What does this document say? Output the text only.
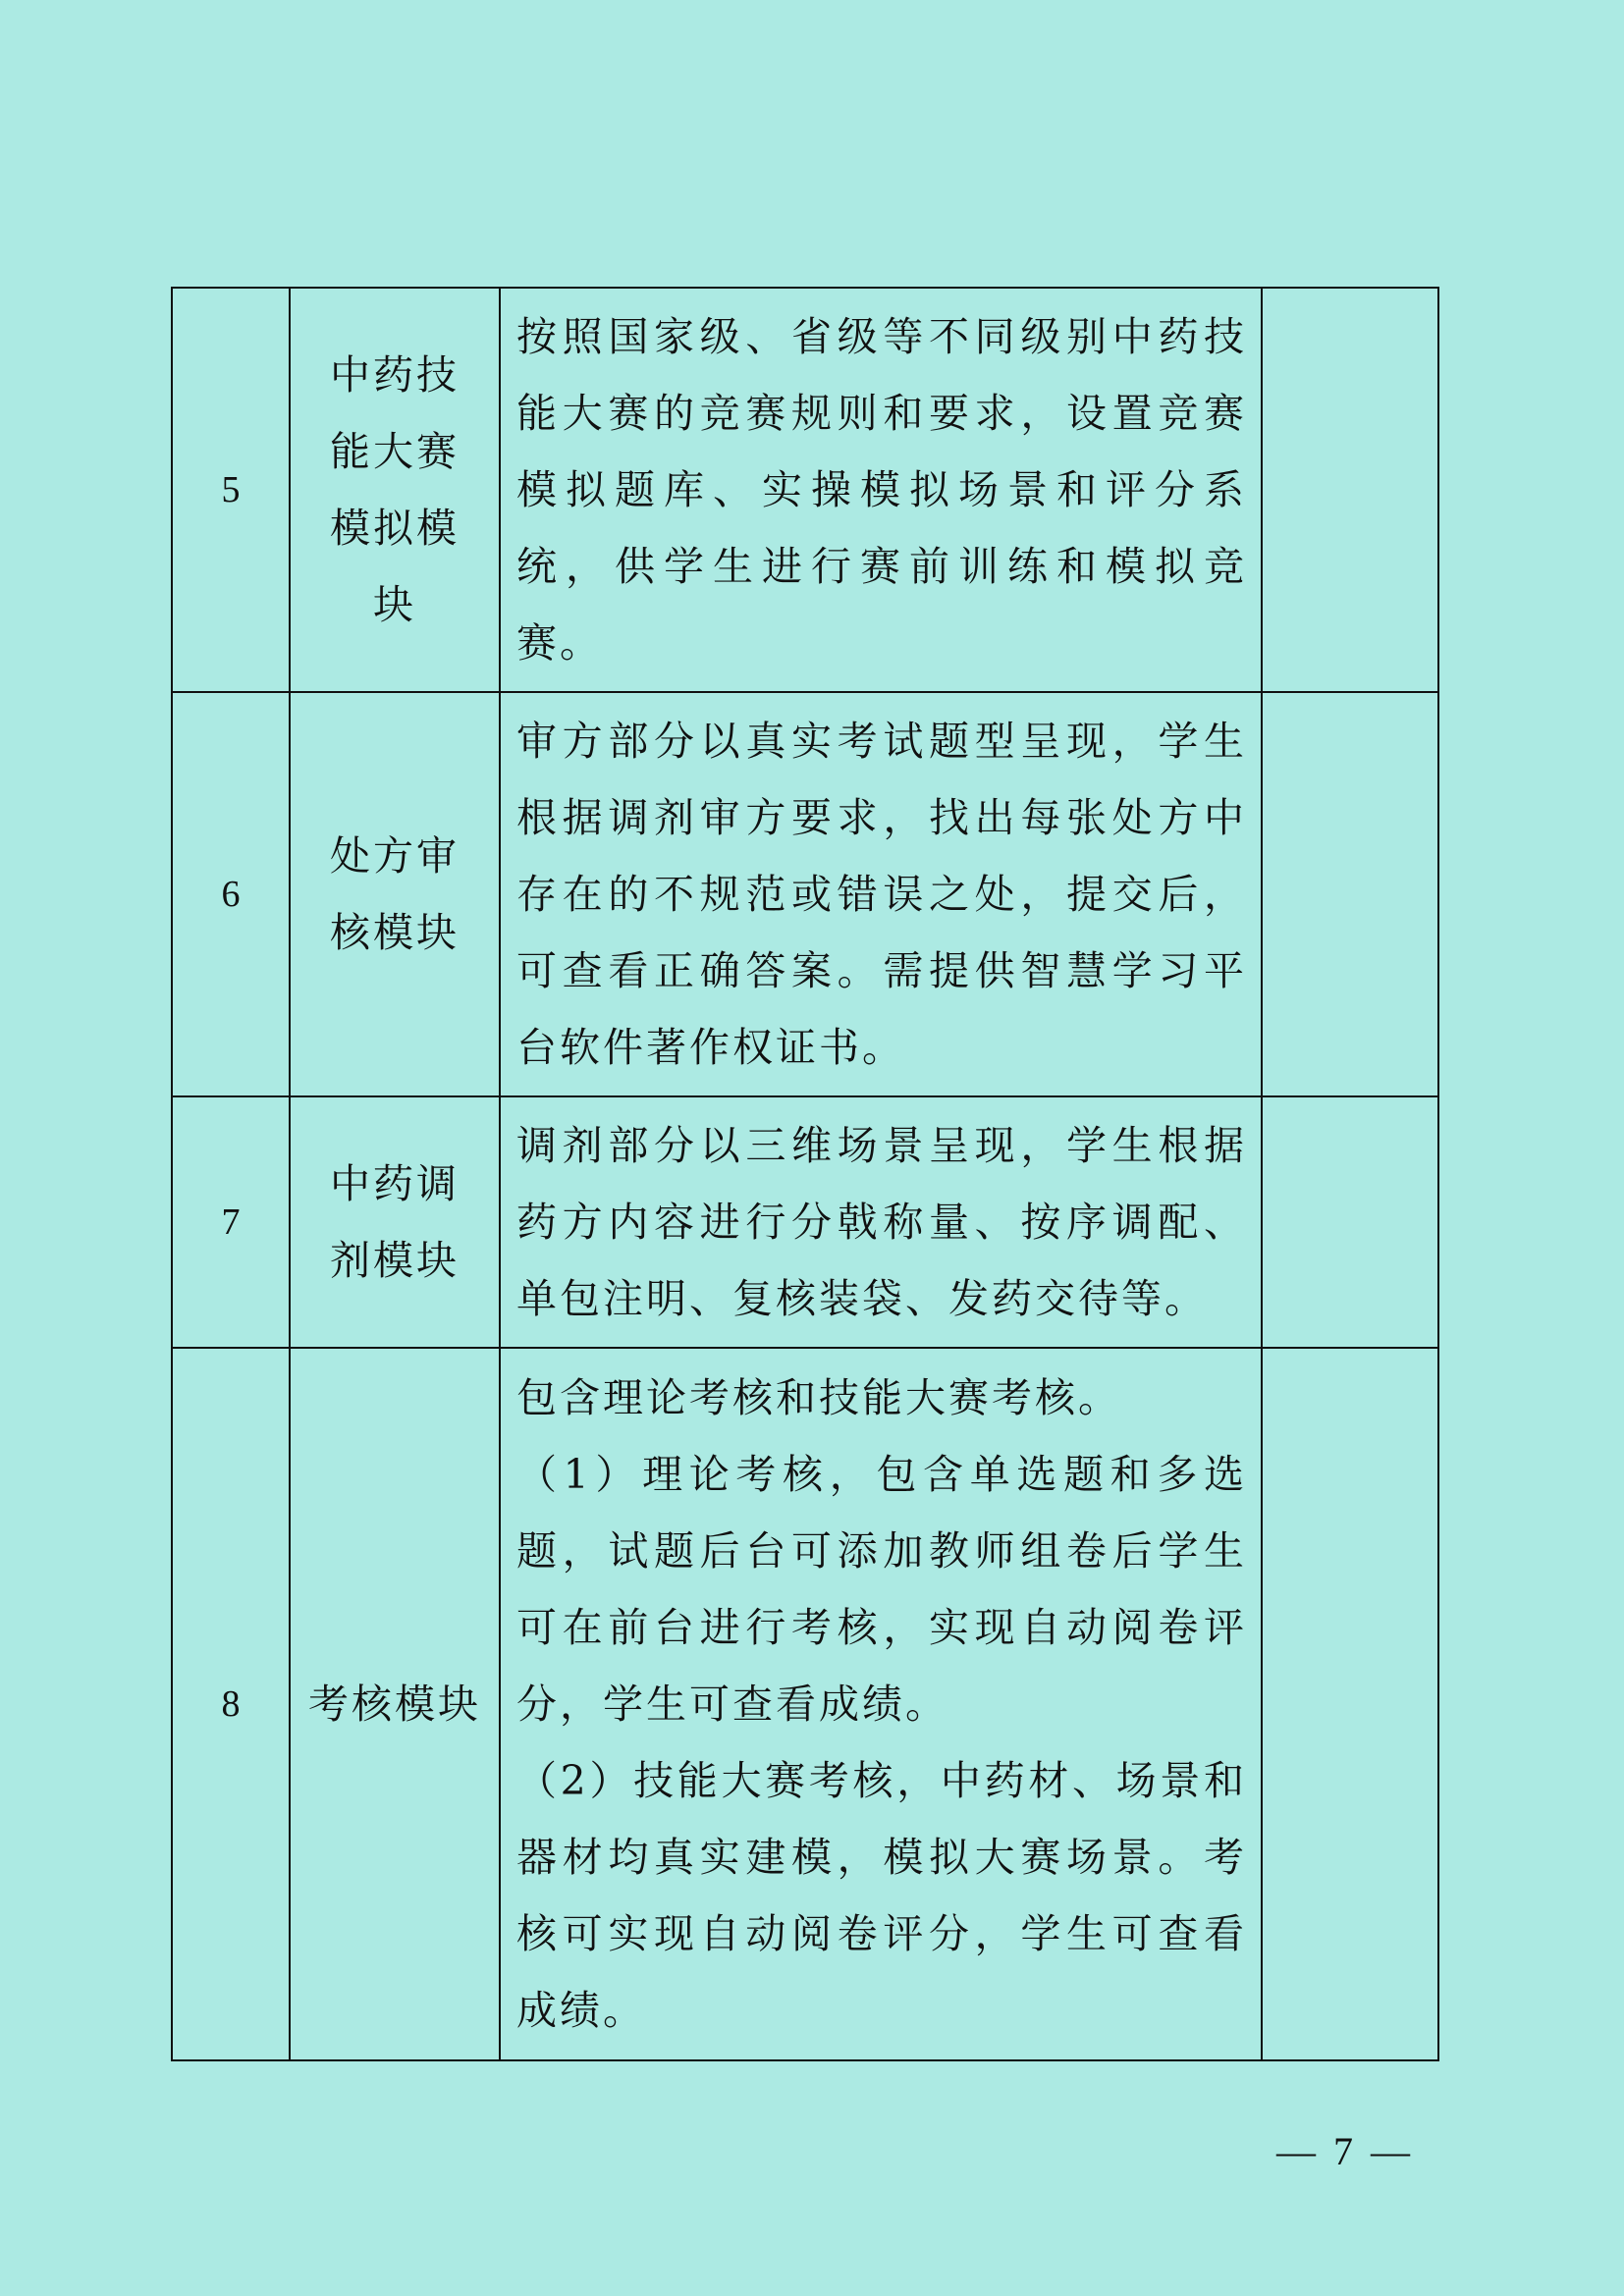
5	中药技能大赛模拟模块	按照国家级、省级等不同级别中药技能大赛的竞赛规则和要求，设置竞赛模拟题库、实操模拟场景和评分系统，供学生进行赛前训练和模拟竞赛。	

6	处方审核模块	审方部分以真实考试题型呈现，学生根据调剂审方要求，找出每张处方中存在的不规范或错误之处，提交后，可查看正确答案。需提供智慧学习平台软件著作权证书。	

7	中药调剂模块	调剂部分以三维场景呈现，学生根据药方内容进行分戟称量、按序调配、单包注明、复核装袋、发药交待等。	

8	考核模块	包含理论考核和技能大赛考核。
（1）理论考核，包含单选题和多选题，试题后台可添加教师组卷后学生可在前台进行考核，实现自动阅卷评分，学生可查看成绩。
（2）技能大赛考核，中药材、场景和器材均真实建模，模拟大赛场景。考核可实现自动阅卷评分，学生可查看成绩。	

— 7 —
